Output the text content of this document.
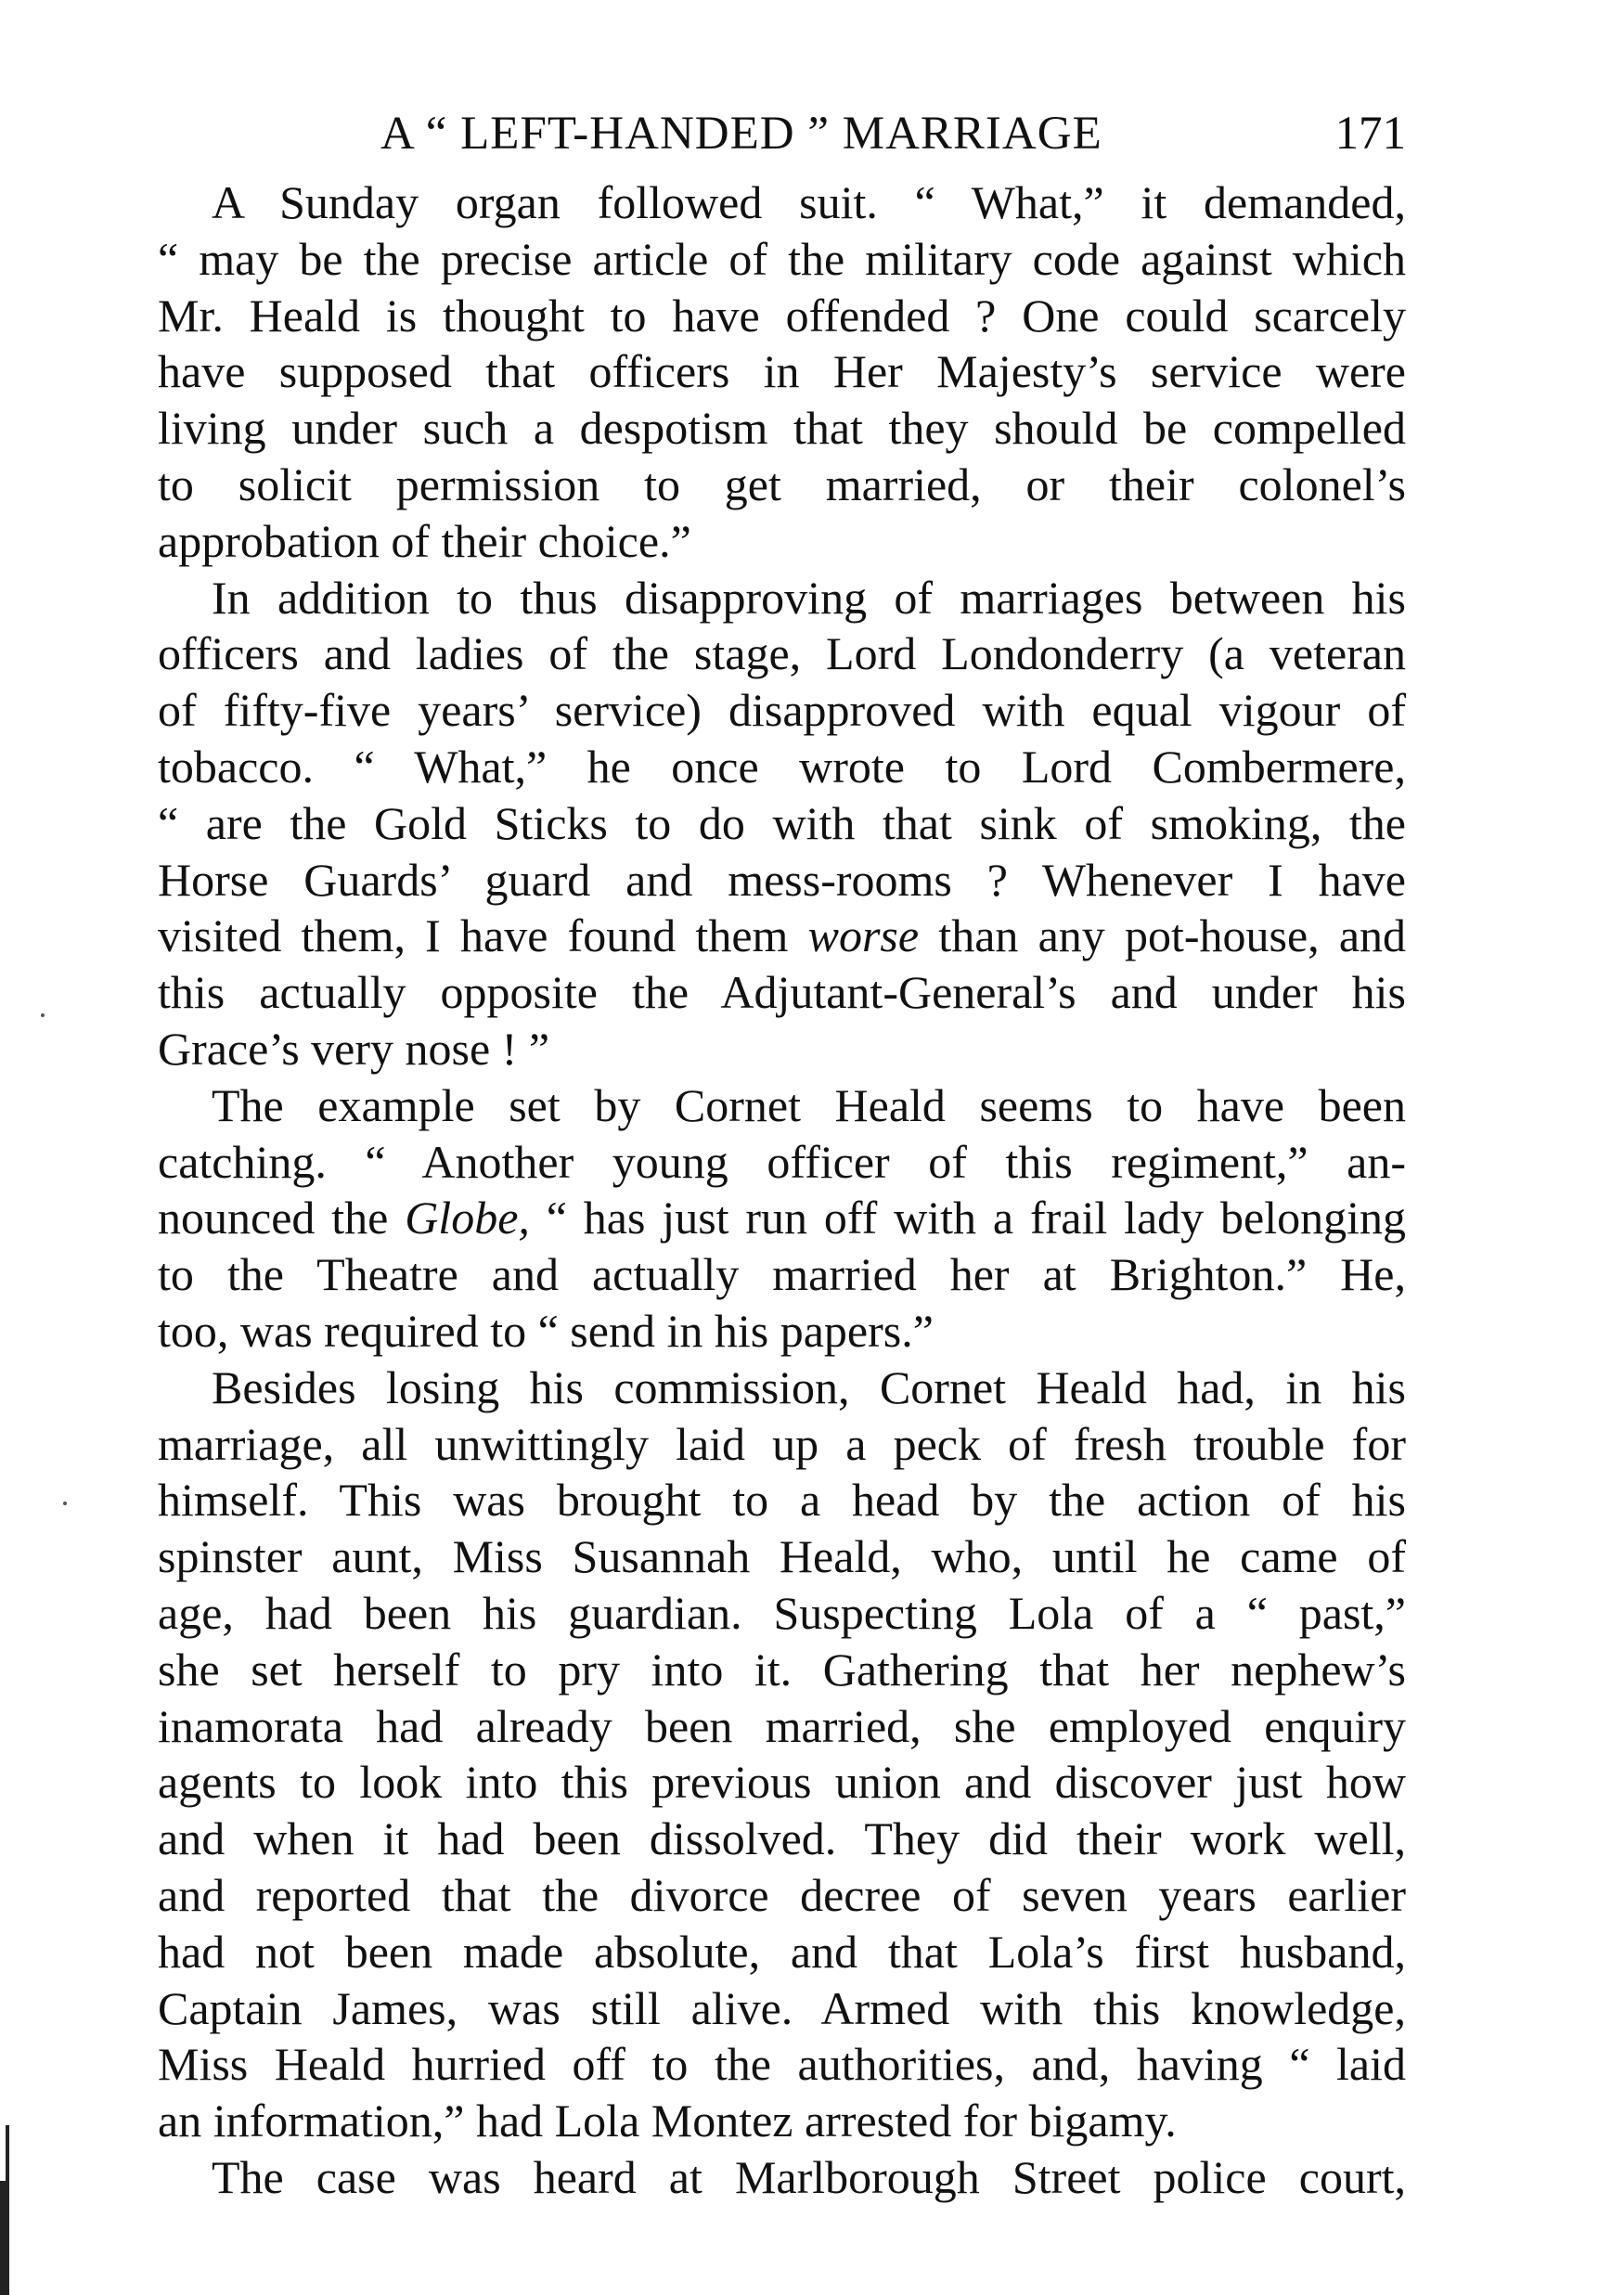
A “ LEFT-HANDED ” MARRIAGE	171

A Sunday organ followed suit. “ What,” it demanded,
“ may be the precise article of the military code against which
Mr. Heald is thought to have offended ? One could scarcely
have supposed that officers in Her Majesty’s service were
living under such a despotism that they should be compelled
to solicit permission to get married, or their colonel’s
approbation of their choice.”

In addition to thus disapproving of marriages between his
officers and ladies of the stage, Lord Londonderry (a veteran
of fifty-five years’ service) disapproved with equal vigour of
tobacco. “ What,” he once wrote to Lord Combermere,
“ are the Gold Sticks to do with that sink of smoking, the
Horse Guards’ guard and mess-rooms ? Whenever I have
visited them, I have found them worse than any pot-house, and
this actually opposite the Adjutant-General’s and under his
Grace’s very nose ! ”

The example set by Cornet Heald seems to have been
catching. “ Another young officer of this regiment,” an-
nounced the Globe, “ has just run off with a frail lady belonging
to the Theatre and actually married her at Brighton.” He,
too, was required to “ send in his papers.”

Besides losing his commission, Cornet Heald had, in his
marriage, all unwittingly laid up a peck of fresh trouble for
himself. This was brought to a head by the action of his
spinster aunt, Miss Susannah Heald, who, until he came of
age, had been his guardian. Suspecting Lola of a “ past,”
she set herself to pry into it. Gathering that her nephew’s
inamorata had already been married, she employed enquiry
agents to look into this previous union and discover just how
and when it had been dissolved. They did their work well,
and reported that the divorce decree of seven years earlier
had not been made absolute, and that Lola’s first husband,
Captain James, was still alive. Armed with this knowledge,
Miss Heald hurried off to the authorities, and, having “ laid
an information,” had Lola Montez arrested for bigamy.

The case was heard at Marlborough Street police court,
